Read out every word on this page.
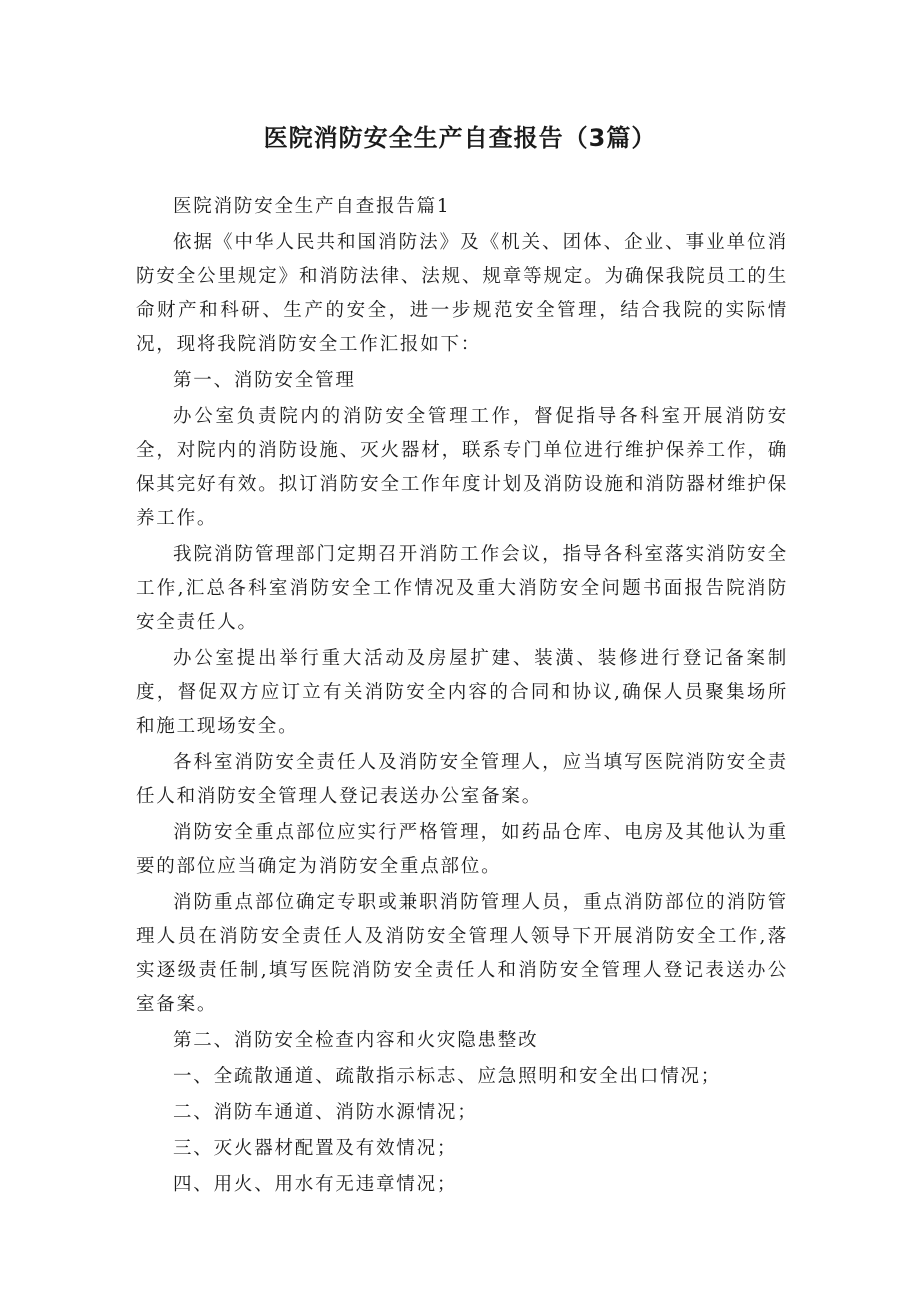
医院消防安全生产自查报告（3篇）

医院消防安全生产自查报告篇1

依据《中华人民共和国消防法》及《机关、团体、企业、事业单位消防安全公里规定》和消防法律、法规、规章等规定。为确保我院员工的生命财产和科研、生产的安全，进一步规范安全管理，结合我院的实际情况，现将我院消防安全工作汇报如下：

第一、消防安全管理

办公室负责院内的消防安全管理工作，督促指导各科室开展消防安全，对院内的消防设施、灭火器材，联系专门单位进行维护保养工作，确保其完好有效。拟订消防安全工作年度计划及消防设施和消防器材维护保养工作。

我院消防管理部门定期召开消防工作会议，指导各科室落实消防安全工作,汇总各科室消防安全工作情况及重大消防安全问题书面报告院消防安全责任人。

办公室提出举行重大活动及房屋扩建、装潢、装修进行登记备案制度，督促双方应订立有关消防安全内容的合同和协议,确保人员聚集场所和施工现场安全。

各科室消防安全责任人及消防安全管理人，应当填写医院消防安全责任人和消防安全管理人登记表送办公室备案。

消防安全重点部位应实行严格管理，如药品仓库、电房及其他认为重要的部位应当确定为消防安全重点部位。

消防重点部位确定专职或兼职消防管理人员，重点消防部位的消防管理人员在消防安全责任人及消防安全管理人领导下开展消防安全工作,落实逐级责任制,填写医院消防安全责任人和消防安全管理人登记表送办公室备案。

第二、消防安全检查内容和火灾隐患整改

一、全疏散通道、疏散指示标志、应急照明和安全出口情况；

二、消防车通道、消防水源情况；

三、灭火器材配置及有效情况；

四、用火、用水有无违章情况；
